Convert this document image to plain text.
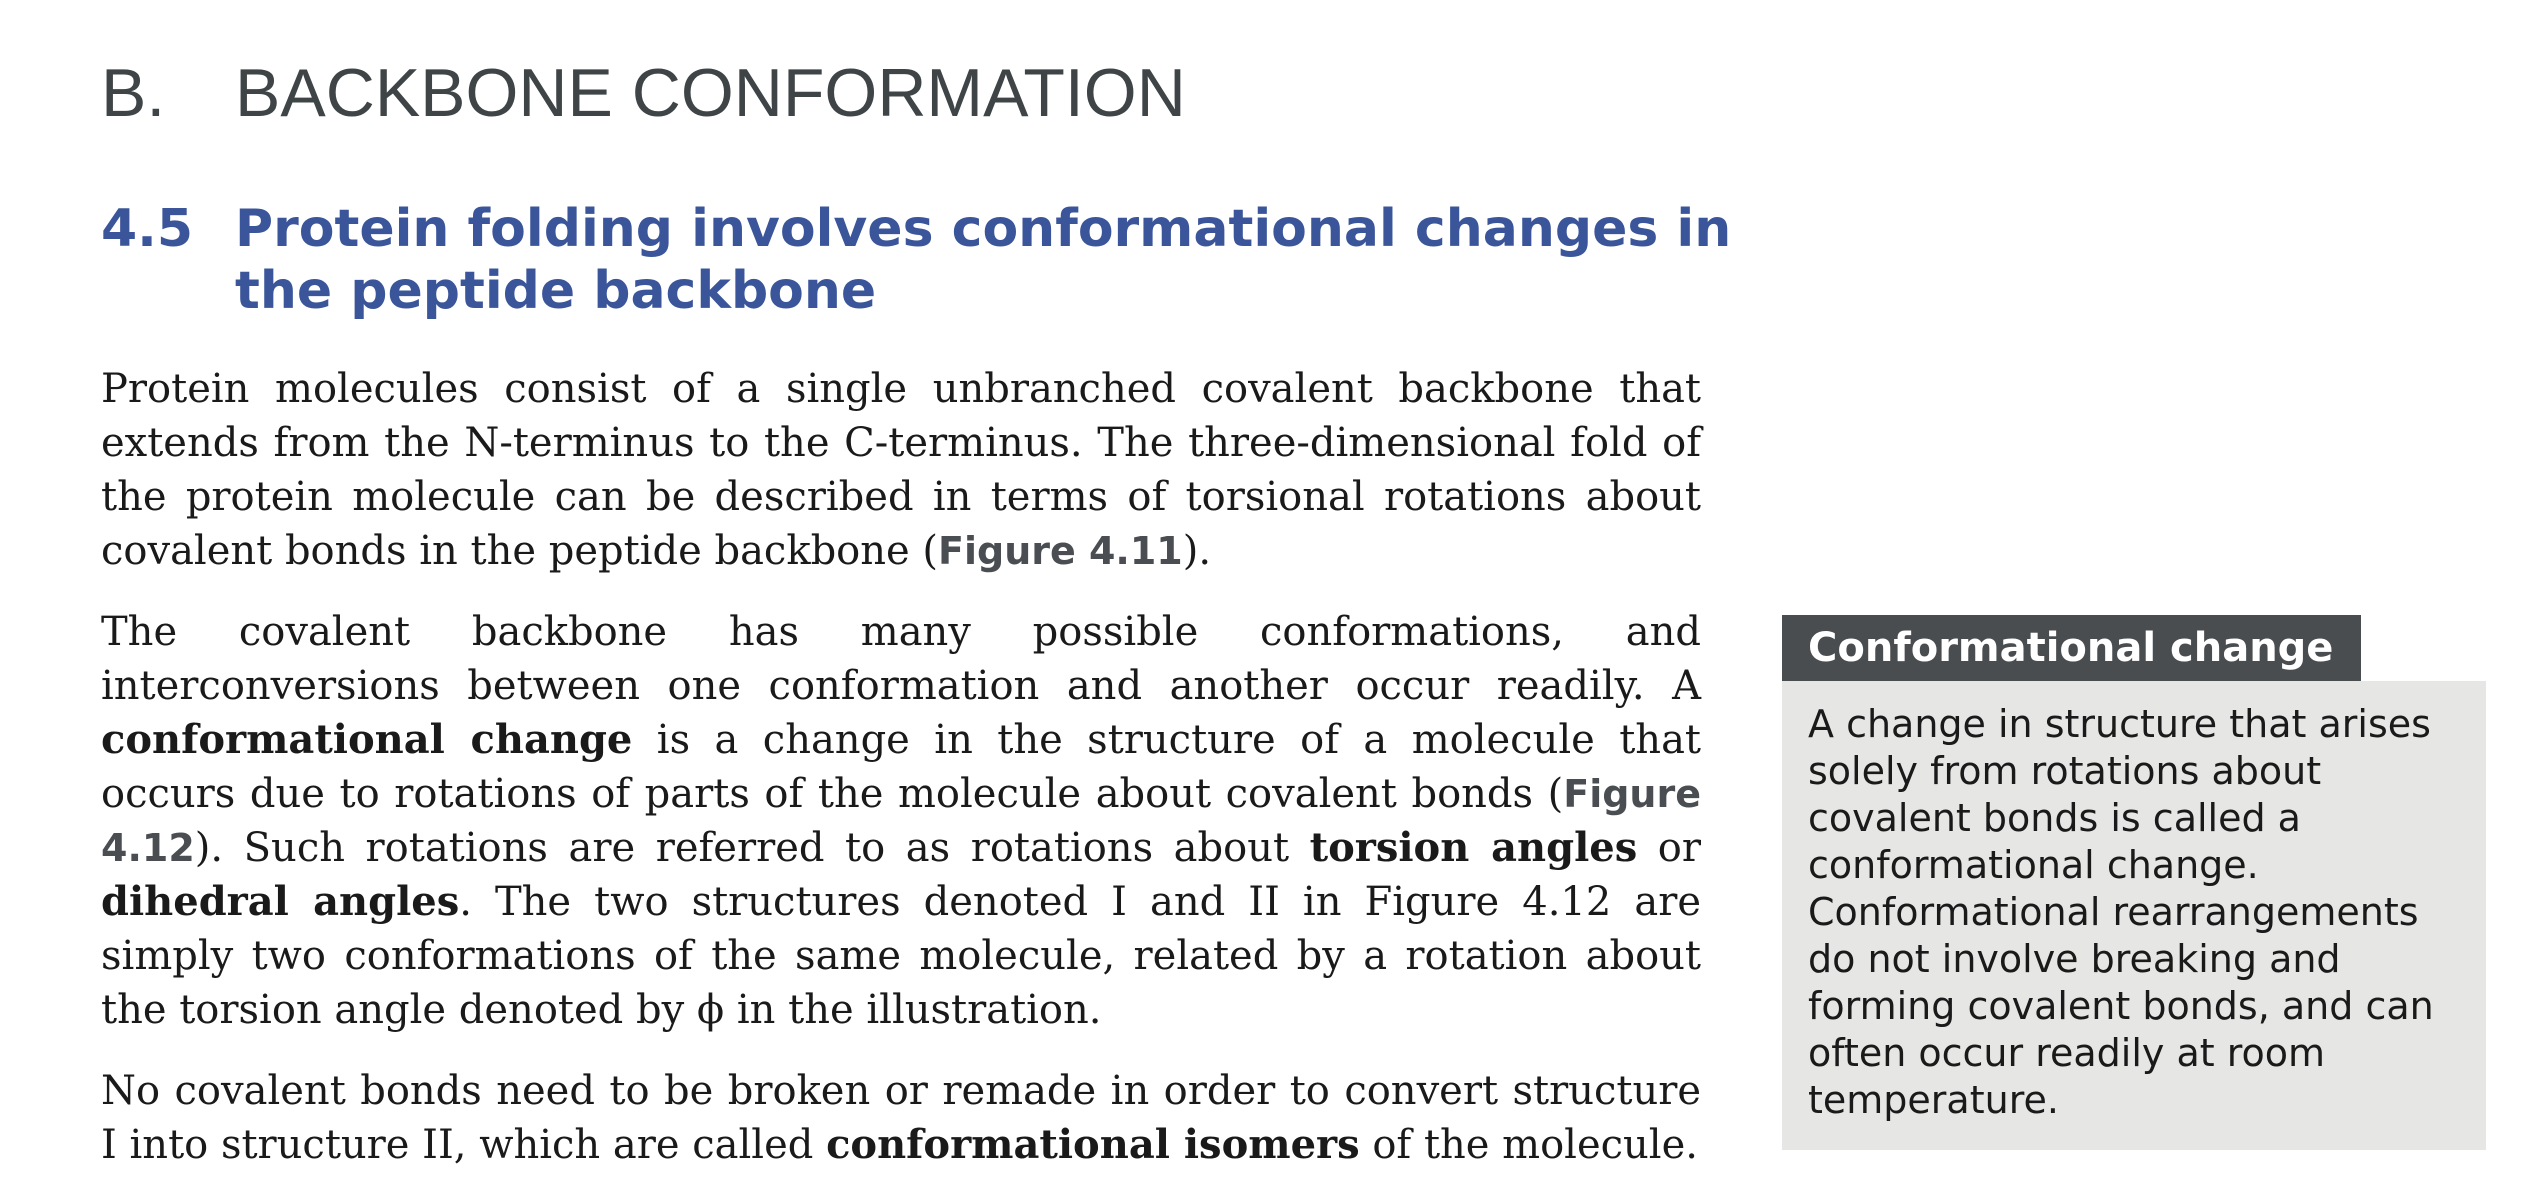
B. BACKBONE CONFORMATION
4.5 Protein folding involves conformational changes in the peptide backbone

Protein molecules consist of a single unbranched covalent backbone that extends from the N-terminus to the C-terminus. The three-dimensional fold of the protein molecule can be described in terms of torsional rotations about covalent bonds in the peptide backbone (Figure 4.11).

The covalent backbone has many possible conformations, and interconversions between one conformation and another occur readily. A conformational change is a change in the structure of a molecule that occurs due to rotations of parts of the molecule about covalent bonds (Figure 4.12). Such rotations are referred to as rotations about torsion angles or dihedral angles. The two structures denoted I and II in Figure 4.12 are simply two conformations of the same molecule, related by a rotation about the torsion angle denoted by ϕ in the illustration.

No covalent bonds need to be broken or remade in order to convert structure I into structure II, which are called conformational isomers of the molecule.

Conformational change
A change in structure that arises solely from rotations about covalent bonds is called a conformational change. Conformational rearrangements do not involve breaking and forming covalent bonds, and can often occur readily at room temperature.
